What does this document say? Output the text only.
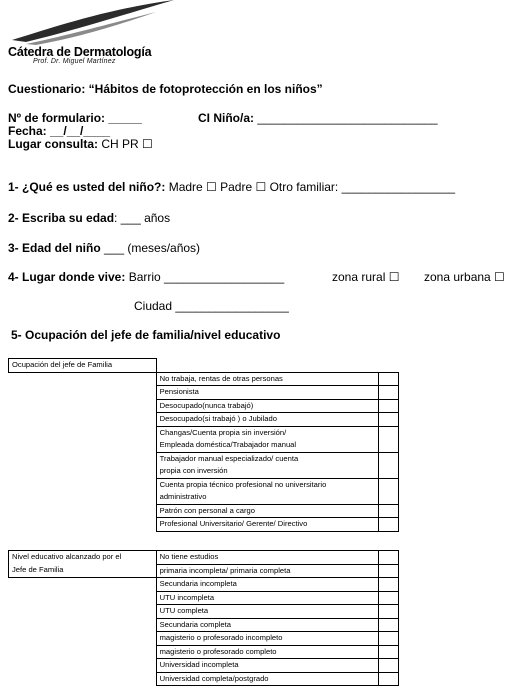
Cátedra de Dermatología
Prof. Dr. Miguel Martínez
Cuestionario: “Hábitos de fotoprotección en los niños”
Nº de formulario: _____	CI Niño/a: ___________________________
Fecha: __/__/____
Lugar consulta: CH PR ☐
1- ¿Qué es usted del niño?: Madre ☐ Padre ☐ Otro familiar: _________________
2- Escriba su edad: ___ años
3- Edad del niño ___ (meses/años)
4- Lugar donde vive: Barrio __________________	zona rural ☐ zona urbana ☐
Ciudad _________________
5- Ocupación del jefe de familia/nivel educativo
Ocupación del jefe de Familia		
	No trabaja, rentas de otras personas	
	Pensionista	
	Desocupado(nunca trabajó)	
	Desocupado(si trabajó ) o Jubilado	
	Changas/Cuenta propia sin inversión/	
	Empleada doméstica/Trabajador manual	
	Trabajador manual especializado/ cuenta	
	propia con inversión	
	Cuenta propia técnico profesional no universitario	
	administrativo	
	Patrón con personal a cargo	
	Profesional Universitario/ Gerente/ Directivo	
Nivel educativo alcanzado por el	No tiene estudios	
Jefe de Familia	primaria incompleta/ primaria completa	
	Secundaria incompleta	
	UTU incompleta	
	UTU completa	
	Secundaria completa	
	magisterio o profesorado incompleto	
	magisterio o profesorado completo	
	Universidad incompleta	
	Universidad completa/postgrado	
